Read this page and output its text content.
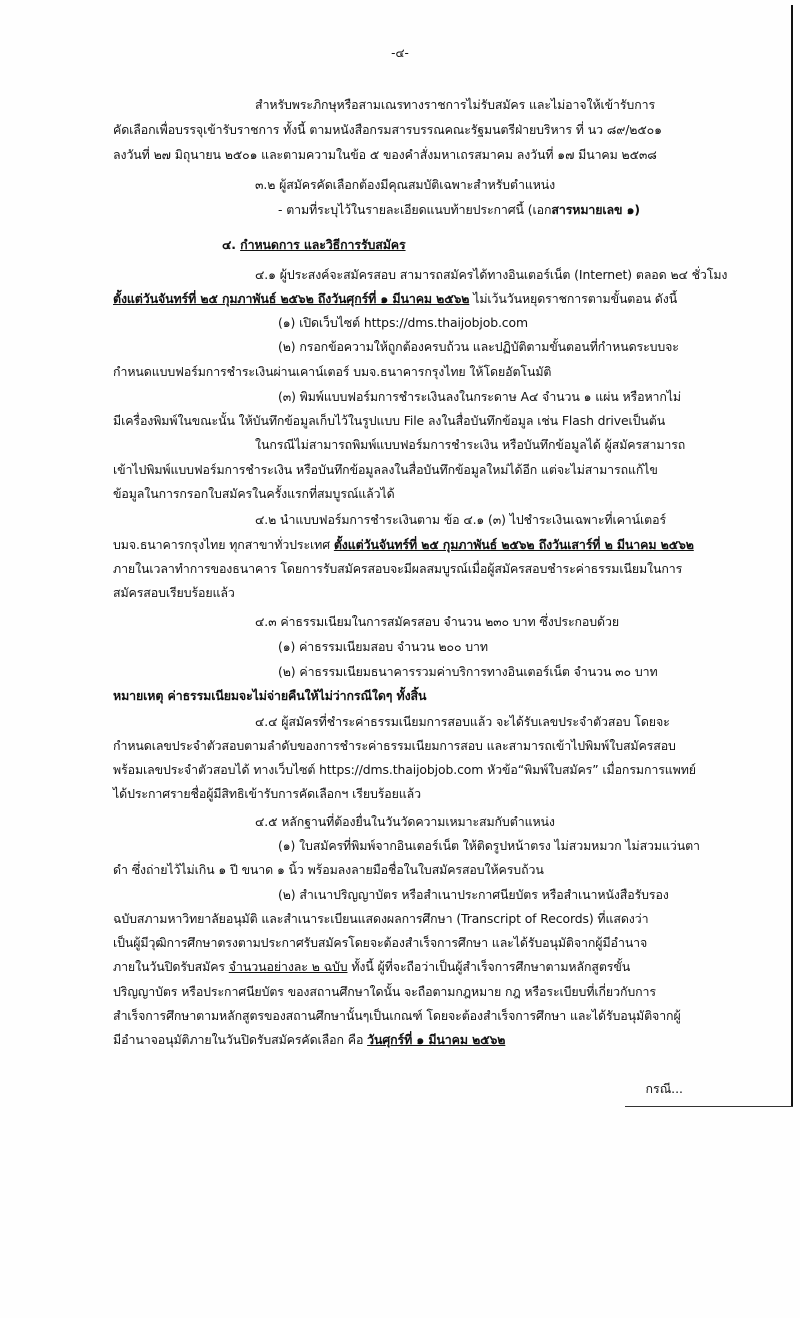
-๔-
สำหรับพระภิกษุหรือสามเณรทางราชการไม่รับสมัคร และไม่อาจให้เข้ารับการ
คัดเลือกเพื่อบรรจุเข้ารับราชการ ทั้งนี้ ตามหนังสือกรมสารบรรณคณะรัฐมนตรีฝ่ายบริหาร ที่ นว ๘๙/๒๕๐๑
ลงวันที่ ๒๗ มิถุนายน ๒๕๐๑ และตามความในข้อ ๕ ของคำสั่งมหาเถรสมาคม ลงวันที่ ๑๗ มีนาคม ๒๕๓๘
๓.๒ ผู้สมัครคัดเลือกต้องมีคุณสมบัติเฉพาะสำหรับตำแหน่ง
- ตามที่ระบุไว้ในรายละเอียดแนบท้ายประกาศนี้ (เอกสารหมายเลข ๑)
๔. กำหนดการ และวิธีการรับสมัคร
๔.๑ ผู้ประสงค์จะสมัครสอบ สามารถสมัครได้ทางอินเตอร์เน็ต (Internet) ตลอด ๒๔ ชั่วโมง
ตั้งแต่วันจันทร์ที่ ๒๕ กุมภาพันธ์ ๒๕๖๒ ถึงวันศุกร์ที่ ๑ มีนาคม ๒๕๖๒ ไม่เว้นวันหยุดราชการตามขั้นตอน ดังนี้
(๑) เปิดเว็บไซต์ https://dms.thaijobjob.com
(๒) กรอกข้อความให้ถูกต้องครบถ้วน และปฏิบัติตามขั้นตอนที่กำหนดระบบจะ
กำหนดแบบฟอร์มการชำระเงินผ่านเคาน์เตอร์ บมจ.ธนาคารกรุงไทย ให้โดยอัตโนมัติ
(๓) พิมพ์แบบฟอร์มการชำระเงินลงในกระดาษ A๔ จำนวน ๑ แผ่น หรือหากไม่
มีเครื่องพิมพ์ในขณะนั้น ให้บันทึกข้อมูลเก็บไว้ในรูปแบบ File ลงในสื่อบันทึกข้อมูล เช่น Flash driveเป็นต้น
ในกรณีไม่สามารถพิมพ์แบบฟอร์มการชำระเงิน หรือบันทึกข้อมูลได้ ผู้สมัครสามารถ
เข้าไปพิมพ์แบบฟอร์มการชำระเงิน หรือบันทึกข้อมูลลงในสื่อบันทึกข้อมูลใหม่ได้อีก แต่จะไม่สามารถแก้ไข
ข้อมูลในการกรอกใบสมัครในครั้งแรกที่สมบูรณ์แล้วได้
๔.๒ นำแบบฟอร์มการชำระเงินตาม ข้อ ๔.๑ (๓) ไปชำระเงินเฉพาะที่เคาน์เตอร์
บมจ.ธนาคารกรุงไทย ทุกสาขาทั่วประเทศ ตั้งแต่วันจันทร์ที่ ๒๕ กุมภาพันธ์ ๒๕๖๒ ถึงวันเสาร์ที่ ๒ มีนาคม ๒๕๖๒
ภายในเวลาทำการของธนาคาร โดยการรับสมัครสอบจะมีผลสมบูรณ์เมื่อผู้สมัครสอบชำระค่าธรรมเนียมในการ
สมัครสอบเรียบร้อยแล้ว
๔.๓ ค่าธรรมเนียมในการสมัครสอบ จำนวน ๒๓๐ บาท ซึ่งประกอบด้วย
(๑) ค่าธรรมเนียมสอบ จำนวน ๒๐๐ บาท
(๒) ค่าธรรมเนียมธนาคารรวมค่าบริการทางอินเตอร์เน็ต จำนวน ๓๐ บาท
หมายเหตุ ค่าธรรมเนียมจะไม่จ่ายคืนให้ไม่ว่ากรณีใดๆ ทั้งสิ้น
๔.๔ ผู้สมัครที่ชำระค่าธรรมเนียมการสอบแล้ว จะได้รับเลขประจำตัวสอบ โดยจะ
กำหนดเลขประจำตัวสอบตามลำดับของการชำระค่าธรรมเนียมการสอบ และสามารถเข้าไปพิมพ์ใบสมัครสอบ
พร้อมเลขประจำตัวสอบได้ ทางเว็บไซต์ https://dms.thaijobjob.com หัวข้อ“พิมพ์ใบสมัคร” เมื่อกรมการแพทย์
ได้ประกาศรายชื่อผู้มีสิทธิเข้ารับการคัดเลือกฯ เรียบร้อยแล้ว
๔.๕ หลักฐานที่ต้องยื่นในวันวัดความเหมาะสมกับตำแหน่ง
(๑) ใบสมัครที่พิมพ์จากอินเตอร์เน็ต ให้ติดรูปหน้าตรง ไม่สวมหมวก ไม่สวมแว่นตา
ดำ ซึ่งถ่ายไว้ไม่เกิน ๑ ปี ขนาด ๑ นิ้ว พร้อมลงลายมือชื่อในใบสมัครสอบให้ครบถ้วน
(๒) สำเนาปริญญาบัตร หรือสำเนาประกาศนียบัตร หรือสำเนาหนังสือรับรอง
ฉบับสภามหาวิทยาลัยอนุมัติ และสำเนาระเบียนแสดงผลการศึกษา (Transcript of Records) ที่แสดงว่า
เป็นผู้มีวุฒิการศึกษาตรงตามประกาศรับสมัครโดยจะต้องสำเร็จการศึกษา และได้รับอนุมัติจากผู้มีอำนาจ
ภายในวันปิดรับสมัคร จำนวนอย่างละ ๒ ฉบับ ทั้งนี้ ผู้ที่จะถือว่าเป็นผู้สำเร็จการศึกษาตามหลักสูตรขั้น
ปริญญาบัตร หรือประกาศนียบัตร ของสถานศึกษาใดนั้น จะถือตามกฎหมาย กฎ หรือระเบียบที่เกี่ยวกับการ
สำเร็จการศึกษาตามหลักสูตรของสถานศึกษานั้นๆเป็นเกณฑ์ โดยจะต้องสำเร็จการศึกษา และได้รับอนุมัติจากผู้
มีอำนาจอนุมัติภายในวันปิดรับสมัครคัดเลือก คือ วันศุกร์ที่ ๑ มีนาคม ๒๕๖๒
กรณี...
